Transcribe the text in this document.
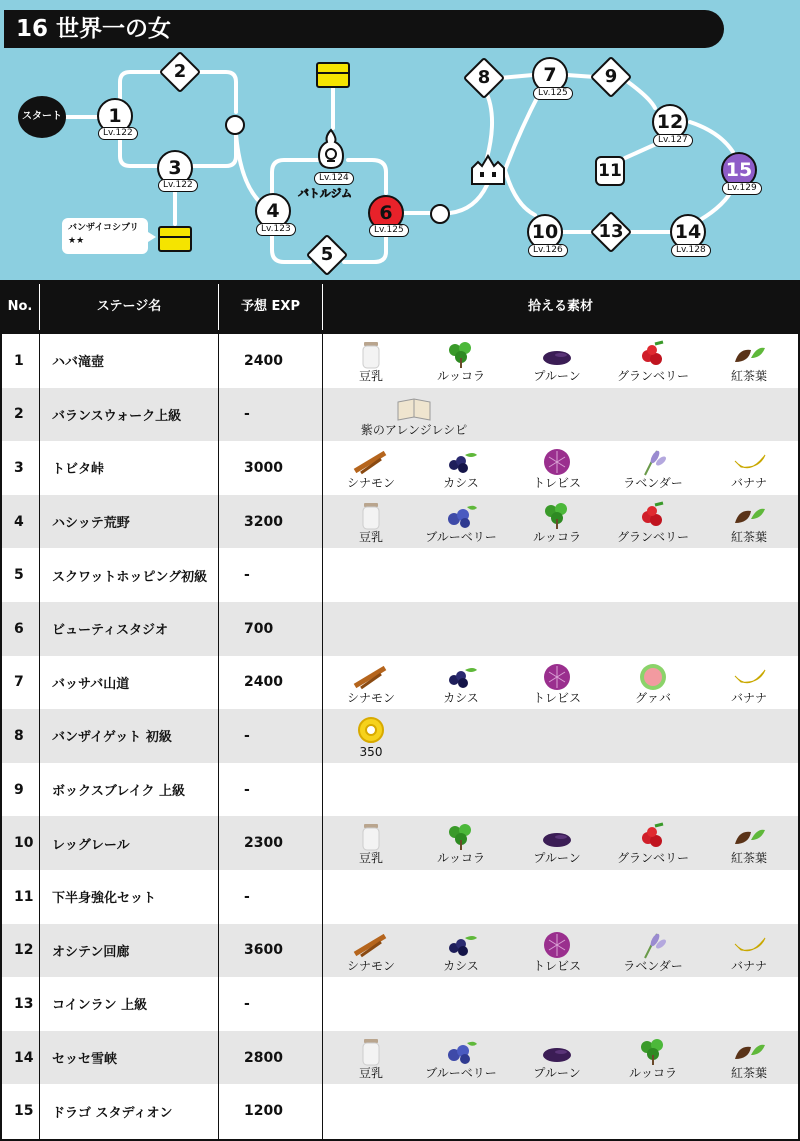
16 世界一の女
スタート	1
Lv.122
2
3
Lv.122
バンザイコシブリ
★★
4
Lv.123
5
6
Lv.125
Lv.124
バトルジム
8	7
Lv.125
9
12
Lv.127
11	15
Lv.129
10
Lv.126
13	14
Lv.128
No.	ステージ名	予想 EXP	拾える素材
1	ハバ滝壺	2400
豆乳	ルッコラ	プルーン	グランベリー	紅茶葉
2	バランスウォーク上級	-
紫のアレンジレシピ
3	トビタ峠	3000
シナモン	カシス	トレビス	ラベンダー	バナナ
4	ハシッテ荒野	3200
豆乳	ブルーベリー	ルッコラ	グランベリー	紅茶葉
5	スクワットホッピング初級	-
6	ビューティスタジオ	700
7	バッサバ山道	2400
シナモン	カシス	トレビス	グァバ	バナナ
8	バンザイゲット 初級	-
350
9	ボックスブレイク 上級	-
10	レッグレール	2300
豆乳	ルッコラ	プルーン	グランベリー	紅茶葉
11	下半身強化セット	-
12	オシテン回廊	3600
シナモン	カシス	トレビス	ラベンダー	バナナ
13	コインラン 上級	-
14	セッセ雪峡	2800
豆乳	ブルーベリー	プルーン	ルッコラ	紅茶葉
15	ドラゴ スタディオン	1200
